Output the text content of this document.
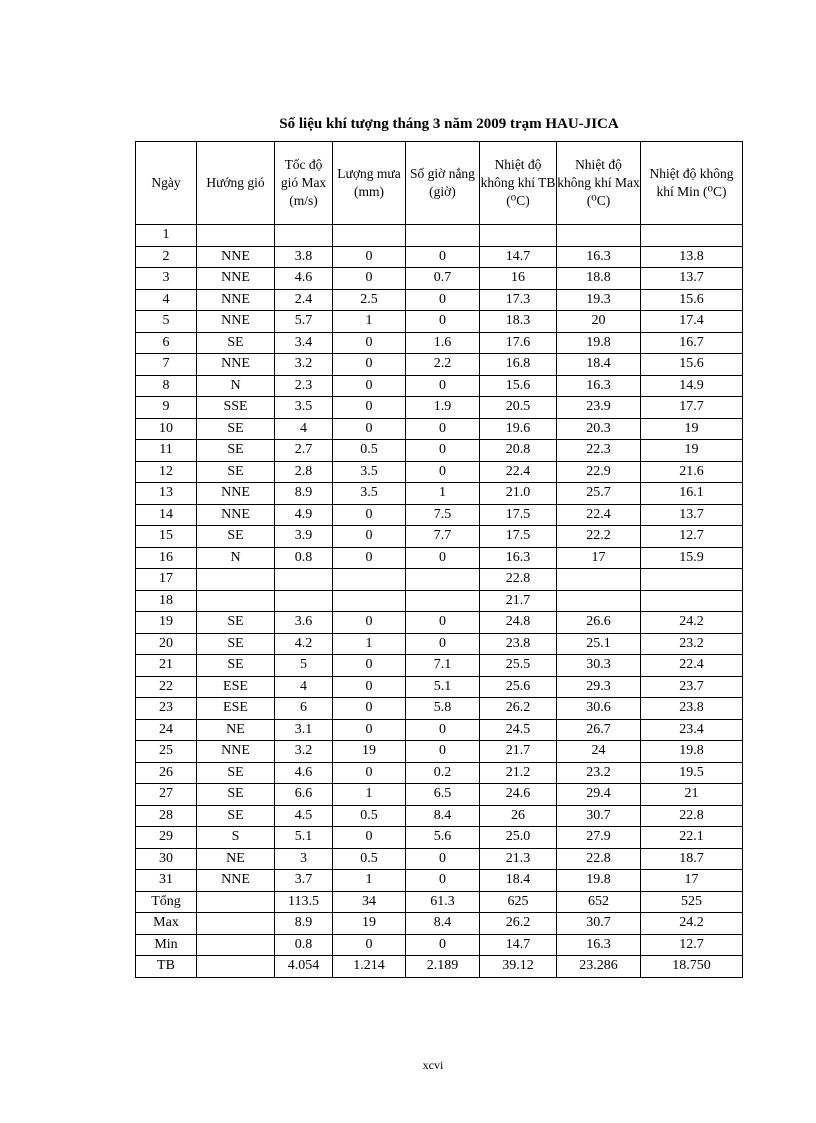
Số liệu khí tượng tháng 3 năm 2009 trạm HAU-JICA
Ngày	Hướng gió	Tốc độ gió Max (m/s)	Lượng mưa (mm)	Số giờ nắng (giờ)	Nhiệt độ không khí TB (⁰C)	Nhiệt độ không khí Max (⁰C)	Nhiệt độ không khí Min (⁰C)
1							
2	NNE	3.8	0	0	14.7	16.3	13.8
3	NNE	4.6	0	0.7	16	18.8	13.7
4	NNE	2.4	2.5	0	17.3	19.3	15.6
5	NNE	5.7	1	0	18.3	20	17.4
6	SE	3.4	0	1.6	17.6	19.8	16.7
7	NNE	3.2	0	2.2	16.8	18.4	15.6
8	N	2.3	0	0	15.6	16.3	14.9
9	SSE	3.5	0	1.9	20.5	23.9	17.7
10	SE	4	0	0	19.6	20.3	19
11	SE	2.7	0.5	0	20.8	22.3	19
12	SE	2.8	3.5	0	22.4	22.9	21.6
13	NNE	8.9	3.5	1	21.0	25.7	16.1
14	NNE	4.9	0	7.5	17.5	22.4	13.7
15	SE	3.9	0	7.7	17.5	22.2	12.7
16	N	0.8	0	0	16.3	17	15.9
17					22.8		
18					21.7		
19	SE	3.6	0	0	24.8	26.6	24.2
20	SE	4.2	1	0	23.8	25.1	23.2
21	SE	5	0	7.1	25.5	30.3	22.4
22	ESE	4	0	5.1	25.6	29.3	23.7
23	ESE	6	0	5.8	26.2	30.6	23.8
24	NE	3.1	0	0	24.5	26.7	23.4
25	NNE	3.2	19	0	21.7	24	19.8
26	SE	4.6	0	0.2	21.2	23.2	19.5
27	SE	6.6	1	6.5	24.6	29.4	21
28	SE	4.5	0.5	8.4	26	30.7	22.8
29	S	5.1	0	5.6	25.0	27.9	22.1
30	NE	3	0.5	0	21.3	22.8	18.7
31	NNE	3.7	1	0	18.4	19.8	17
Tổng		113.5	34	61.3	625	652	525
Max		8.9	19	8.4	26.2	30.7	24.2
Min		0.8	0	0	14.7	16.3	12.7
TB		4.054	1.214	2.189	39.12	23.286	18.750
xcvi
